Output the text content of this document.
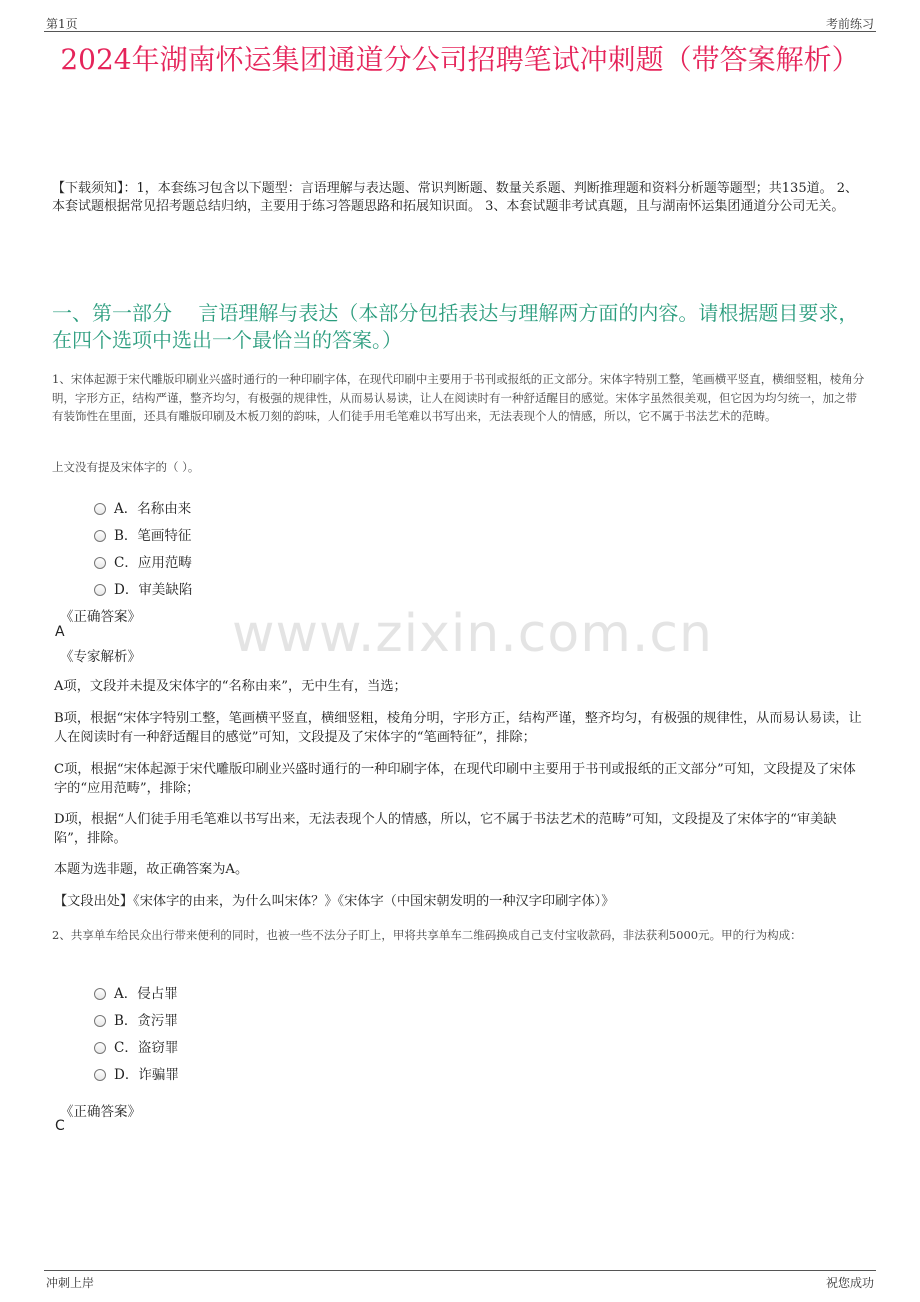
第1页	考前练习
2024年湖南怀运集团通道分公司招聘笔试冲刺题（带答案解析）
【下载须知】：1，本套练习包含以下题型：言语理解与表达题、常识判断题、数量关系题、判断推理题和资料分析题等题型；共135道。 2、本套试题根据常见招考题总结归纳，主要用于练习答题思路和拓展知识面。 3、本套试题非考试真题，且与湖南怀运集团通道分公司无关。
一、第一部分　 言语理解与表达（本部分包括表达与理解两方面的内容。请根据题目要求，在四个选项中选出一个最恰当的答案。）
1、宋体起源于宋代雕版印刷业兴盛时通行的一种印刷字体，在现代印刷中主要用于书刊或报纸的正文部分。宋体字特别工整，笔画横平竖直，横细竖粗，棱角分明，字形方正，结构严谨，整齐均匀，有极强的规律性，从而易认易读，让人在阅读时有一种舒适醒目的感觉。宋体字虽然很美观，但它因为均匀统一，加之带有装饰性在里面，还具有雕版印刷及木板刀刻的韵味，人们徒手用毛笔难以书写出来，无法表现个人的情感，所以，它不属于书法艺术的范畴。
上文没有提及宋体字的（ ）。
A．名称由来
B．笔画特征
C．应用范畴
D．审美缺陷
《正确答案》
A
《专家解析》 www.zixin.com.cn
A项，文段并未提及宋体字的“名称由来”，无中生有，当选；
B项，根据“宋体字特别工整，笔画横平竖直，横细竖粗，棱角分明，字形方正，结构严谨，整齐均匀，有极强的规律性，从而易认易读，让人在阅读时有一种舒适醒目的感觉”可知，文段提及了宋体字的“笔画特征”，排除；
C项，根据“宋体起源于宋代雕版印刷业兴盛时通行的一种印刷字体，在现代印刷中主要用于书刊或报纸的正文部分”可知，文段提及了宋体字的“应用范畴”，排除；
D项，根据“人们徒手用毛笔难以书写出来，无法表现个人的情感，所以，它不属于书法艺术的范畴”可知，文段提及了宋体字的“审美缺陷”，排除。
本题为选非题，故正确答案为A。
【文段出处】《宋体字的由来，为什么叫宋体？》《宋体字（中国宋朝发明的一种汉字印刷字体）》
2、共享单车给民众出行带来便利的同时，也被一些不法分子盯上，甲将共享单车二维码换成自己支付宝收款码，非法获利5000元。甲的行为构成：
A．侵占罪
B．贪污罪
C．盗窃罪
D．诈骗罪
《正确答案》
C
冲刺上岸	祝您成功
